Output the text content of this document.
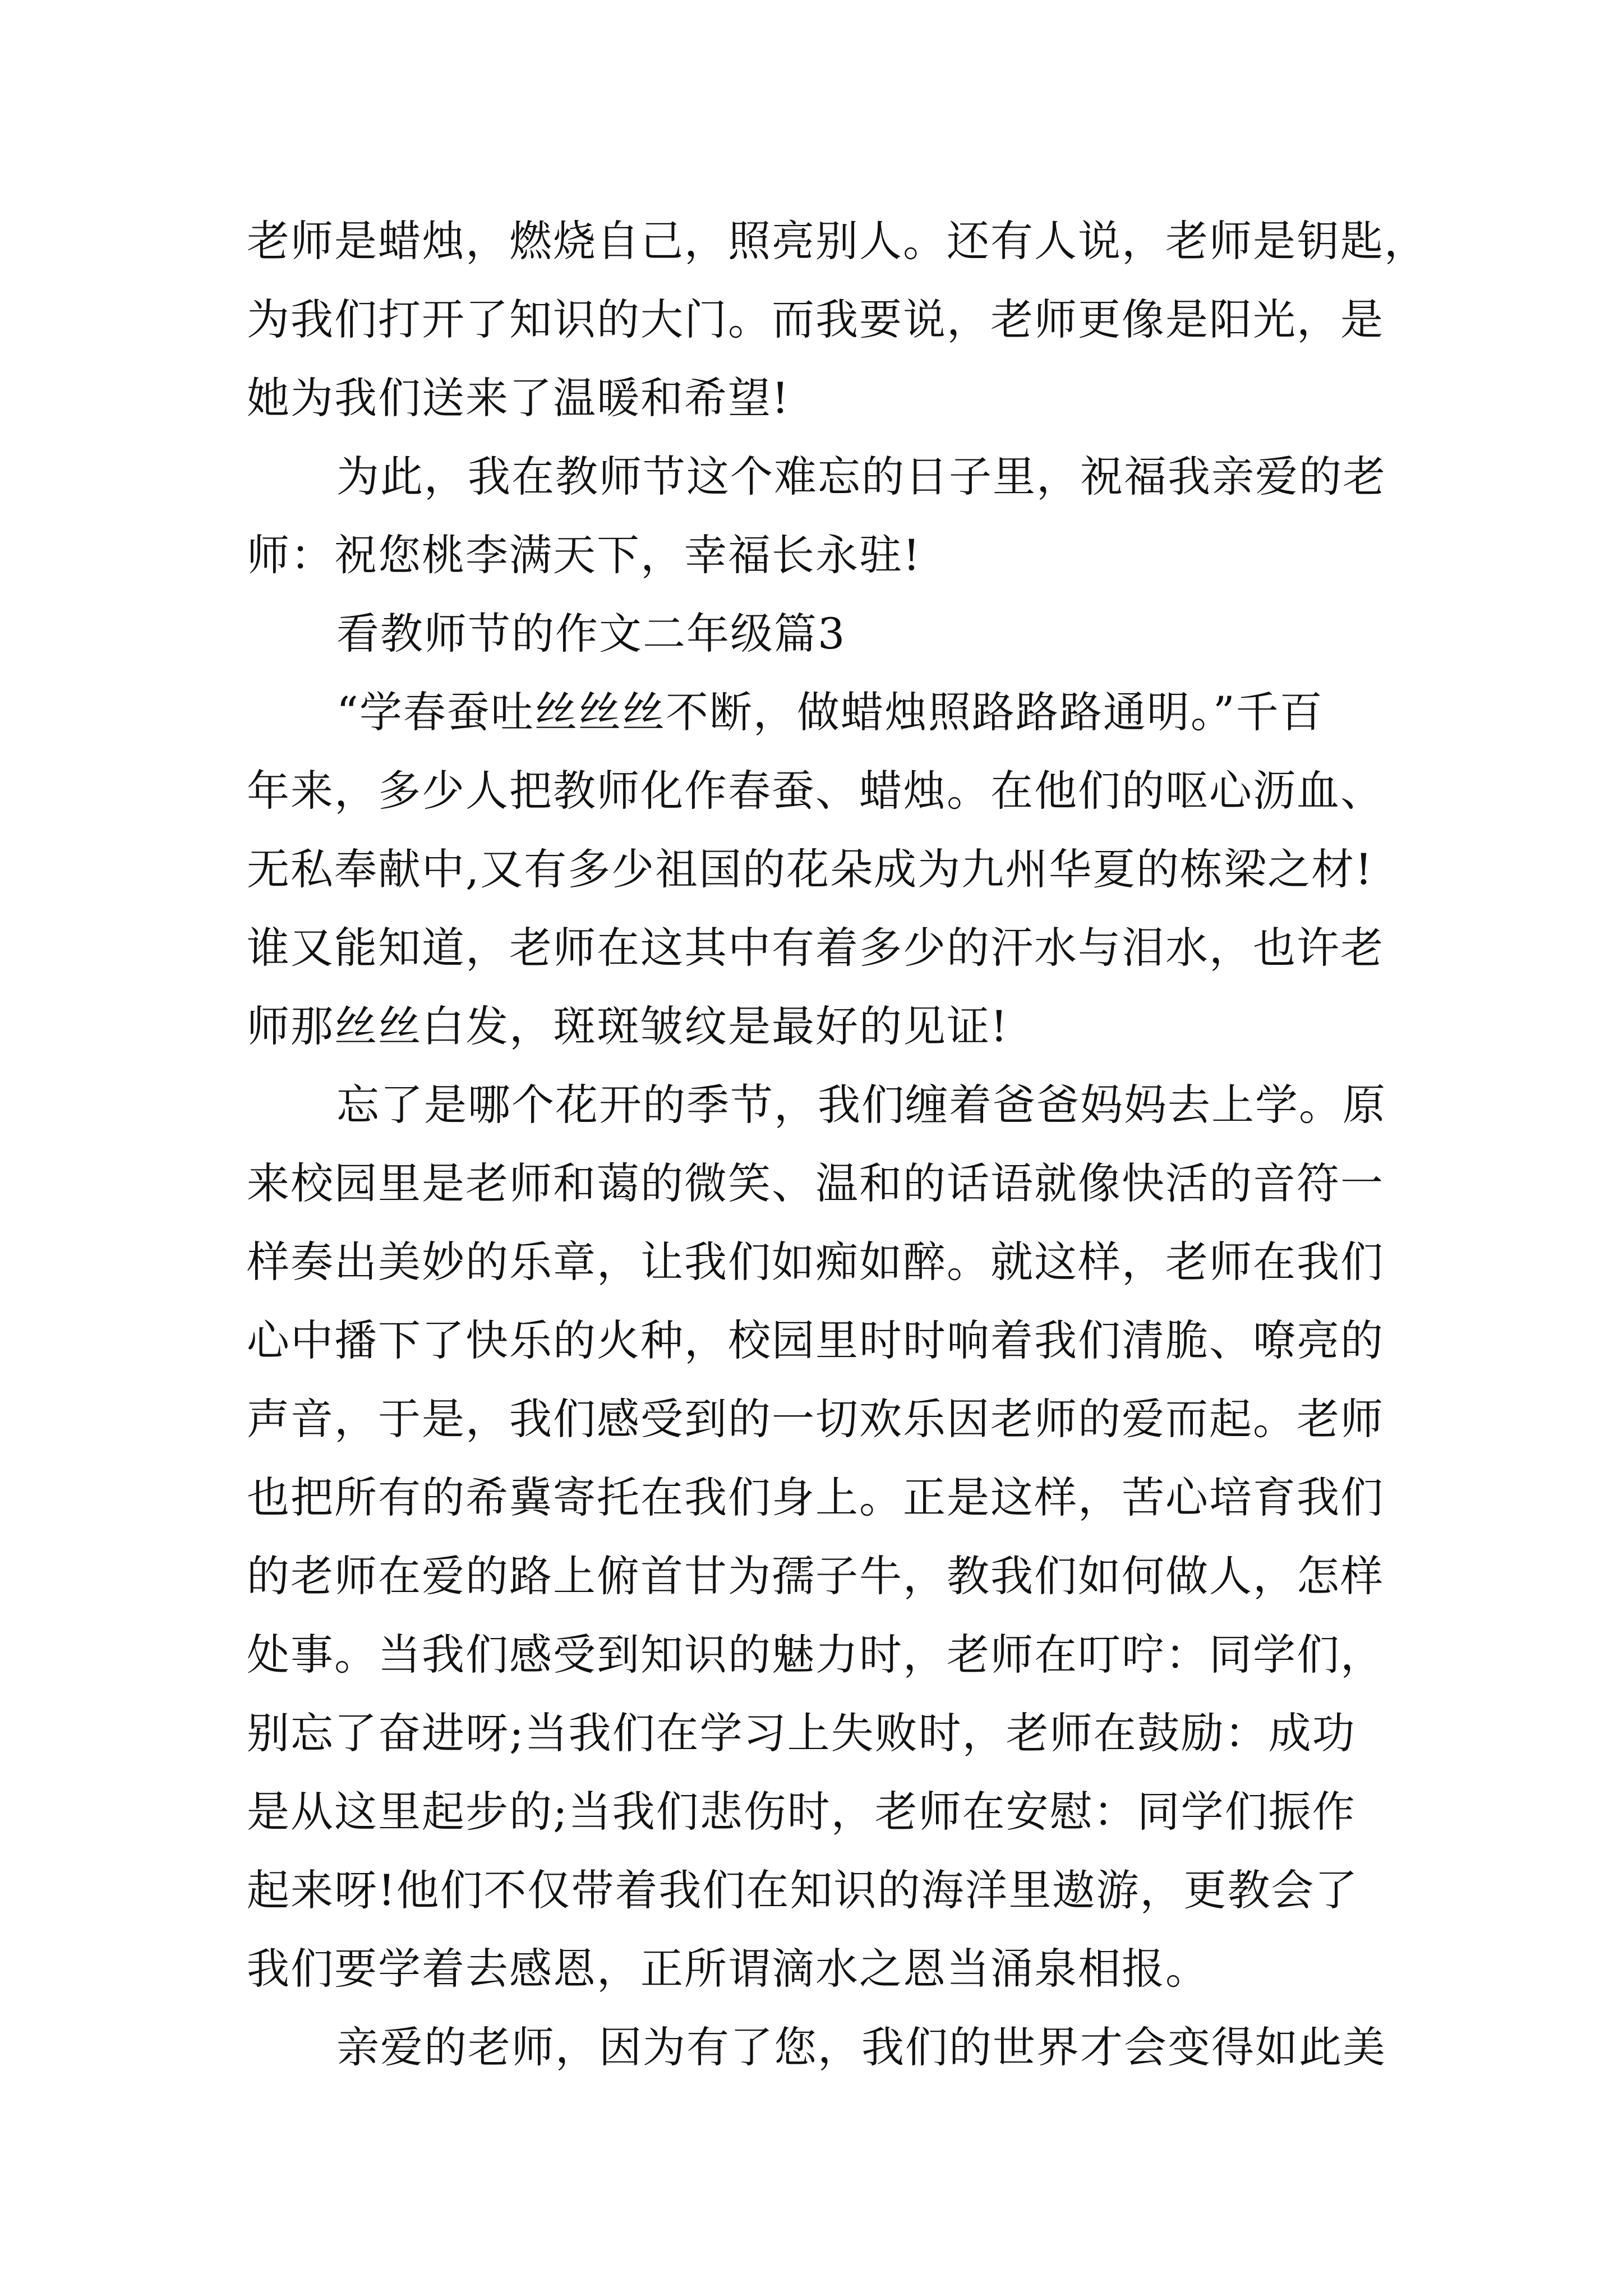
老师是蜡烛，燃烧自己，照亮别人。还有人说，老师是钥匙，
为我们打开了知识的大门。而我要说，老师更像是阳光，是
她为我们送来了温暖和希望!
为此，我在教师节这个难忘的日子里，祝福我亲爱的老
师：祝您桃李满天下，幸福长永驻!
看教师节的作文二年级篇3
“学春蚕吐丝丝丝不断，做蜡烛照路路路通明。”千百
年来，多少人把教师化作春蚕、蜡烛。在他们的呕心沥血、
无私奉献中,又有多少祖国的花朵成为九州华夏的栋梁之材!
谁又能知道，老师在这其中有着多少的汗水与泪水，也许老
师那丝丝白发，斑斑皱纹是最好的见证!
忘了是哪个花开的季节，我们缠着爸爸妈妈去上学。原
来校园里是老师和蔼的微笑、温和的话语就像快活的音符一
样奏出美妙的乐章，让我们如痴如醉。就这样，老师在我们
心中播下了快乐的火种，校园里时时响着我们清脆、嘹亮的
声音，于是，我们感受到的一切欢乐因老师的爱而起。老师
也把所有的希冀寄托在我们身上。正是这样，苦心培育我们
的老师在爱的路上俯首甘为孺子牛，教我们如何做人，怎样
处事。当我们感受到知识的魅力时，老师在叮咛：同学们，
别忘了奋进呀;当我们在学习上失败时，老师在鼓励：成功
是从这里起步的;当我们悲伤时，老师在安慰：同学们振作
起来呀!他们不仅带着我们在知识的海洋里遨游，更教会了
我们要学着去感恩，正所谓滴水之恩当涌泉相报。
亲爱的老师，因为有了您，我们的世界才会变得如此美
